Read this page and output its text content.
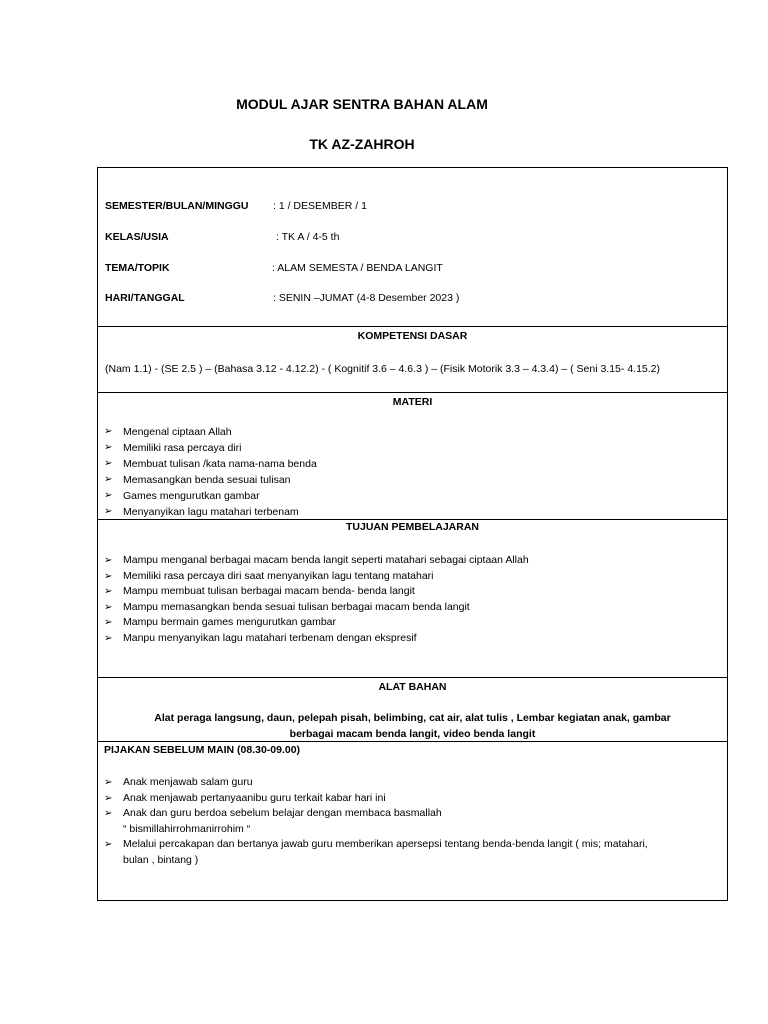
MODUL AJAR SENTRA BAHAN ALAM
TK AZ-ZAHROH
SEMESTER/BULAN/MINGGU : 1 / DESEMBER / 1
KELAS/USIA	: TK A / 4-5 th
TEMA/TOPIK	: ALAM SEMESTA / BENDA LANGIT
HARI/TANGGAL	: SENIN –JUMAT (4-8 Desember 2023 )
KOMPETENSI DASAR
(Nam 1.1) - (SE 2.5 ) – (Bahasa 3.12 - 4.12.2) - ( Kognitif 3.6 – 4.6.3 ) – (Fisik Motorik 3.3 – 4.3.4) – ( Seni 3.15- 4.15.2)
MATERI
➢ Mengenal ciptaan Allah
➢ Memiliki rasa percaya diri
➢ Membuat tulisan /kata nama-nama benda
➢ Memasangkan benda sesuai tulisan
➢ Games mengurutkan gambar
➢ Menyanyikan lagu matahari terbenam
TUJUAN PEMBELAJARAN
➢ Mampu menganal berbagai macam benda langit seperti matahari sebagai ciptaan Allah
➢ Memiliki rasa percaya diri saat menyanyikan lagu tentang matahari
➢ Mampu membuat tulisan berbagai macam benda- benda langit
➢ Mampu memasangkan benda sesuai tulisan berbagai macam benda langit
➢ Mampu bermain games mengurutkan gambar
➢ Manpu menyanyikan lagu matahari terbenam dengan ekspresif
ALAT BAHAN
Alat peraga langsung, daun, pelepah pisah, belimbing, cat air, alat tulis , Lembar kegiatan anak, gambar
berbagai macam benda langit, video benda langit
PIJAKAN SEBELUM MAIN (08.30-09.00)
➢ Anak menjawab salam guru
➢ Anak menjawab pertanyaanibu guru terkait kabar hari ini
➢ Anak dan guru berdoa sebelum belajar dengan membaca basmallah
“ bismillahirrohmanirrohim “
➢ Melalui percakapan dan bertanya jawab guru memberikan apersepsi tentang benda-benda langit ( mis; matahari,
bulan , bintang )
